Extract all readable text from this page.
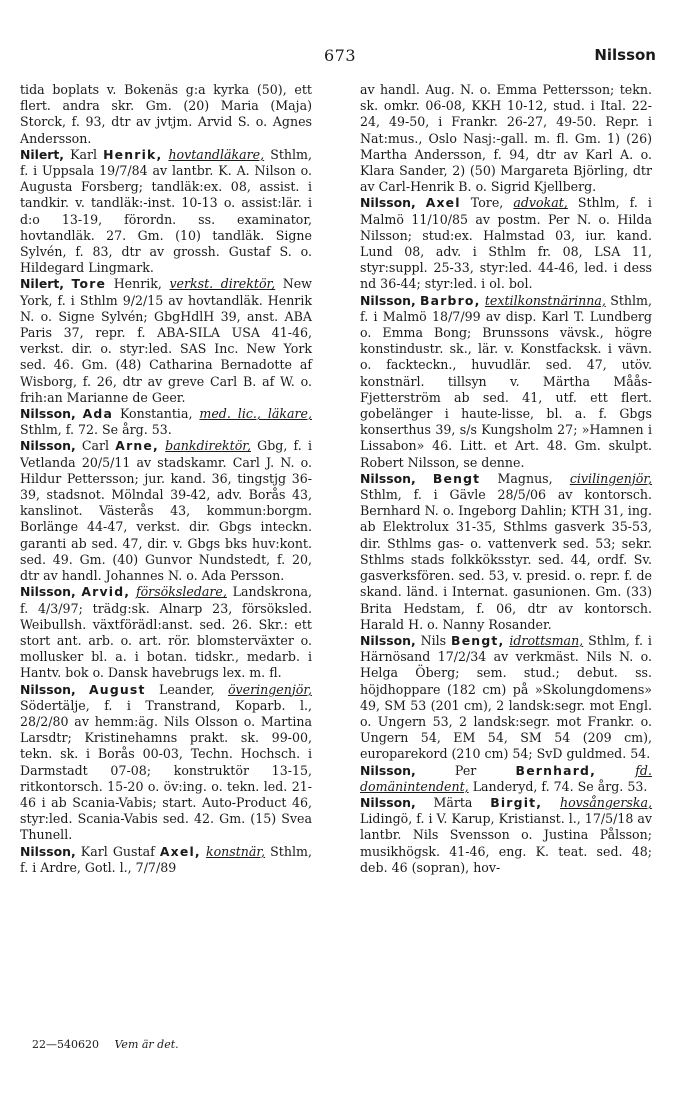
673	Nilsson

tida boplats v. Bokenäs g:a kyrka (50), ett flert. andra skr. Gm. (20) Maria (Maja) Storck, f. 93, dtr av jvtjm. Arvid S. o. Agnes Andersson.

Nilert, Karl Henrik, hovtandläkare, Sthlm, f. i Uppsala 19/7/84 av lantbr. K. A. Nilson o. Augusta Forsberg; tandläk:ex. 08, assist. i tandkir. v. tandläk:-inst. 10-13 o. assist:lär. i d:o 13-19, förordn. ss. examinator, hovtandläk. 27. Gm. (10) tandläk. Signe Sylvén, f. 83, dtr av grossh. Gustaf S. o. Hildegard Lingmark.

Nilert, Tore Henrik, verkst. direktör, New York, f. i Sthlm 9/2/15 av hovtandläk. Henrik N. o. Signe Sylvén; GbgHdlH 39, anst. ABA Paris 37, repr. f. ABA-SILA USA 41-46, verkst. dir. o. styr:led. SAS Inc. New York sed. 46. Gm. (48) Catharina Bernadotte af Wisborg, f. 26, dtr av greve Carl B. af W. o. frih:an Marianne de Geer.

Nilsson, Ada Konstantia, med. lic., läkare, Sthlm, f. 72. Se årg. 53.

Nilsson, Carl Arne, bankdirektör, Gbg, f. i Vetlanda 20/5/11 av stadskamr. Carl J. N. o. Hildur Pettersson; jur. kand. 36, tingstjg 36-39, stadsnot. Mölndal 39-42, adv. Borås 43, kanslinot. Västerås 43, kommun:borgm. Borlänge 44-47, verkst. dir. Gbgs inteckn. garanti ab sed. 47, dir. v. Gbgs bks huv:kont. sed. 49. Gm. (40) Gunvor Nundstedt, f. 20, dtr av handl. Johannes N. o. Ada Persson.

Nilsson, Arvid, försöksledare, Landskrona, f. 4/3/97; trädg:sk. Alnarp 23, försöksled. Weibullsh. växtförädl:anst. sed. 26. Skr.: ett stort ant. arb. o. art. rör. blomsterväxter o. mollusker bl. a. i botan. tidskr., medarb. i Hantv. bok o. Dansk havebrugs lex. m. fl.

Nilsson, August Leander, överingenjör, Södertälje, f. i Transtrand, Koparb. l., 28/2/80 av hemm:äg. Nils Olsson o. Martina Larsdtr; Kristinehamns prakt. sk. 99-00, tekn. sk. i Borås 00-03, Techn. Hochsch. i Darmstadt 07-08; konstruktör 13-15, ritkontorsch. 15-20 o. öv:ing. o. tekn. led. 21-46 i ab Scania-Vabis; start. Auto-Product 46, styr:led. Scania-Vabis sed. 42. Gm. (15) Svea Thunell.

Nilsson, Karl Gustaf Axel, konstnär, Sthlm, f. i Ardre, Gotl. l., 7/7/89

av handl. Aug. N. o. Emma Pettersson; tekn. sk. omkr. 06-08, KKH 10-12, stud. i Ital. 22-24, 49-50, i Frankr. 26-27, 49-50. Repr. i Nat:mus., Oslo Nasj:-gall. m. fl. Gm. 1) (26) Martha Andersson, f. 94, dtr av Karl A. o. Klara Sander, 2) (50) Margareta Björling, dtr av Carl-Henrik B. o. Sigrid Kjellberg.

Nilsson, Axel Tore, advokat, Sthlm, f. i Malmö 11/10/85 av postm. Per N. o. Hilda Nilsson; stud:ex. Halmstad 03, iur. kand. Lund 08, adv. i Sthlm fr. 08, LSA 11, styr:suppl. 25-33, styr:led. 44-46, led. i dess nd 36-44; styr:led. i ol. bol.

Nilsson, Barbro, textilkonstnärinna, Sthlm, f. i Malmö 18/7/99 av disp. Karl T. Lundberg o. Emma Bong; Brunssons vävsk., högre konstindustr. sk., lär. v. Konstfacksk. i vävn. o. fackteckn., huvudlär. sed. 47, utöv. konstnärl. tillsyn v. Märtha Måås-Fjetterström ab sed. 41, utf. ett flert. gobelänger i haute-lisse, bl. a. f. Gbgs konserthus 39, s/s Kungsholm 27; »Hamnen i Lissabon» 46. Litt. et Art. 48. Gm. skulpt. Robert Nilsson, se denne.

Nilsson, Bengt Magnus, civilingenjör, Sthlm, f. i Gävle 28/5/06 av kontorsch. Bernhard N. o. Ingeborg Dahlin; KTH 31, ing. ab Elektrolux 31-35, Sthlms gasverk 35-53, dir. Sthlms gas- o. vattenverk sed. 53; sekr. Sthlms stads folkköksstyr. sed. 44, ordf. Sv. gasverksfören. sed. 53, v. presid. o. repr. f. de skand. länd. i Internat. gasunionen. Gm. (33) Brita Hedstam, f. 06, dtr av kontorsch. Harald H. o. Nanny Rosander.

Nilsson, Nils Bengt, idrottsman, Sthlm, f. i Härnösand 17/2/34 av verkmäst. Nils N. o. Helga Öberg; sem. stud.; debut. ss. höjdhoppare (182 cm) på »Skolungdomens» 49, SM 53 (201 cm), 2 landsk:segr. mot Engl. o. Ungern 53, 2 landsk:segr. mot Frankr. o. Ungern 54, EM 54, SM 54 (209 cm), europarekord (210 cm) 54; SvD guldmed. 54.

Nilsson,	Per	Bernhard,	fd. domänintendent, Landeryd, f. 74. Se årg. 53.

Nilsson, Märta Birgit, hovsångerska, Lidingö, f. i V. Karup, Kristianst. l., 17/5/18 av lantbr. Nils Svensson o. Justina Pålsson; musikhögsk. 41-46, eng. K. teat. sed. 48; deb. 46 (sopran), hov-

22—540620 Vem är det.
